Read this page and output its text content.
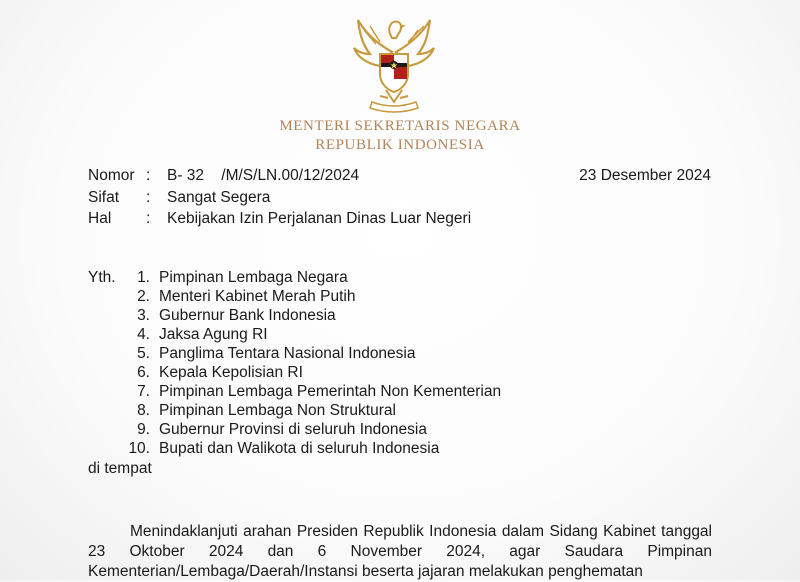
MENTERI SEKRETARIS NEGARA
REPUBLIK INDONESIA
Nomor : B- 32    /M/S/LN.00/12/2024	23 Desember 2024
Sifat : Sangat Segera
Hal : Kebijakan Izin Perjalanan Dinas Luar Negeri
Yth.	1. Pimpinan Lembaga Negara
2. Menteri Kabinet Merah Putih
3. Gubernur Bank Indonesia
4. Jaksa Agung RI
5. Panglima Tentara Nasional Indonesia
6. Kepala Kepolisian RI
7. Pimpinan Lembaga Pemerintah Non Kementerian
8. Pimpinan Lembaga Non Struktural
9. Gubernur Provinsi di seluruh Indonesia
10. Bupati dan Walikota di seluruh Indonesia
di tempat
Menindaklanjuti arahan Presiden Republik Indonesia dalam Sidang Kabinet tanggal 23 Oktober 2024 dan 6 November 2024, agar Saudara Pimpinan Kementerian/Lembaga/Daerah/Instansi beserta jajaran melakukan penghematan
